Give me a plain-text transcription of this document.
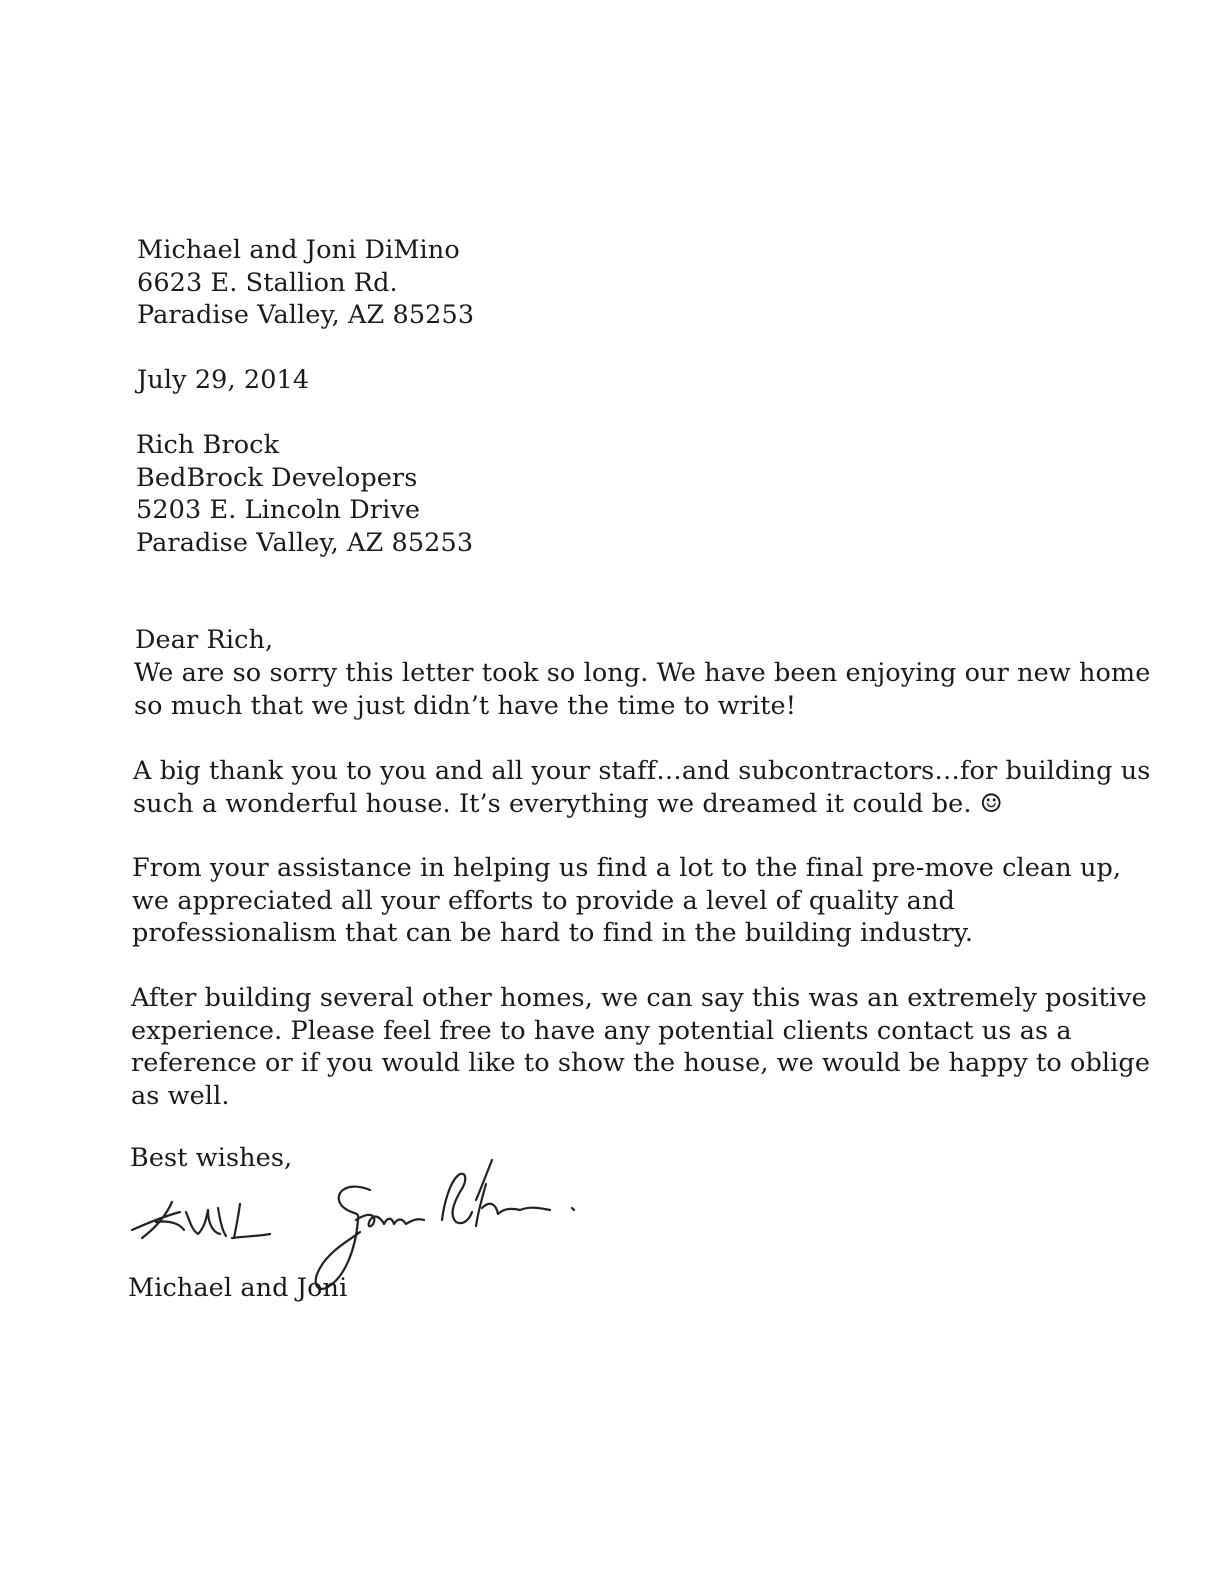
Michael and Joni DiMino
6623 E. Stallion Rd.
Paradise Valley, AZ 85253
July 29, 2014
Rich Brock
BedBrock Developers
5203 E. Lincoln Drive
Paradise Valley, AZ 85253
Dear Rich,
We are so sorry this letter took so long. We have been enjoying our new home
so much that we just didn’t have the time to write!
A big thank you to you and all your staff…and subcontractors…for building us
such a wonderful house. It’s everything we dreamed it could be. ☺
From your assistance in helping us find a lot to the final pre-move clean up,
we appreciated all your efforts to provide a level of quality and
professionalism that can be hard to find in the building industry.
After building several other homes, we can say this was an extremely positive
experience. Please feel free to have any potential clients contact us as a
reference or if you would like to show the house, we would be happy to oblige
as well.
Best wishes,
Michael and Joni
